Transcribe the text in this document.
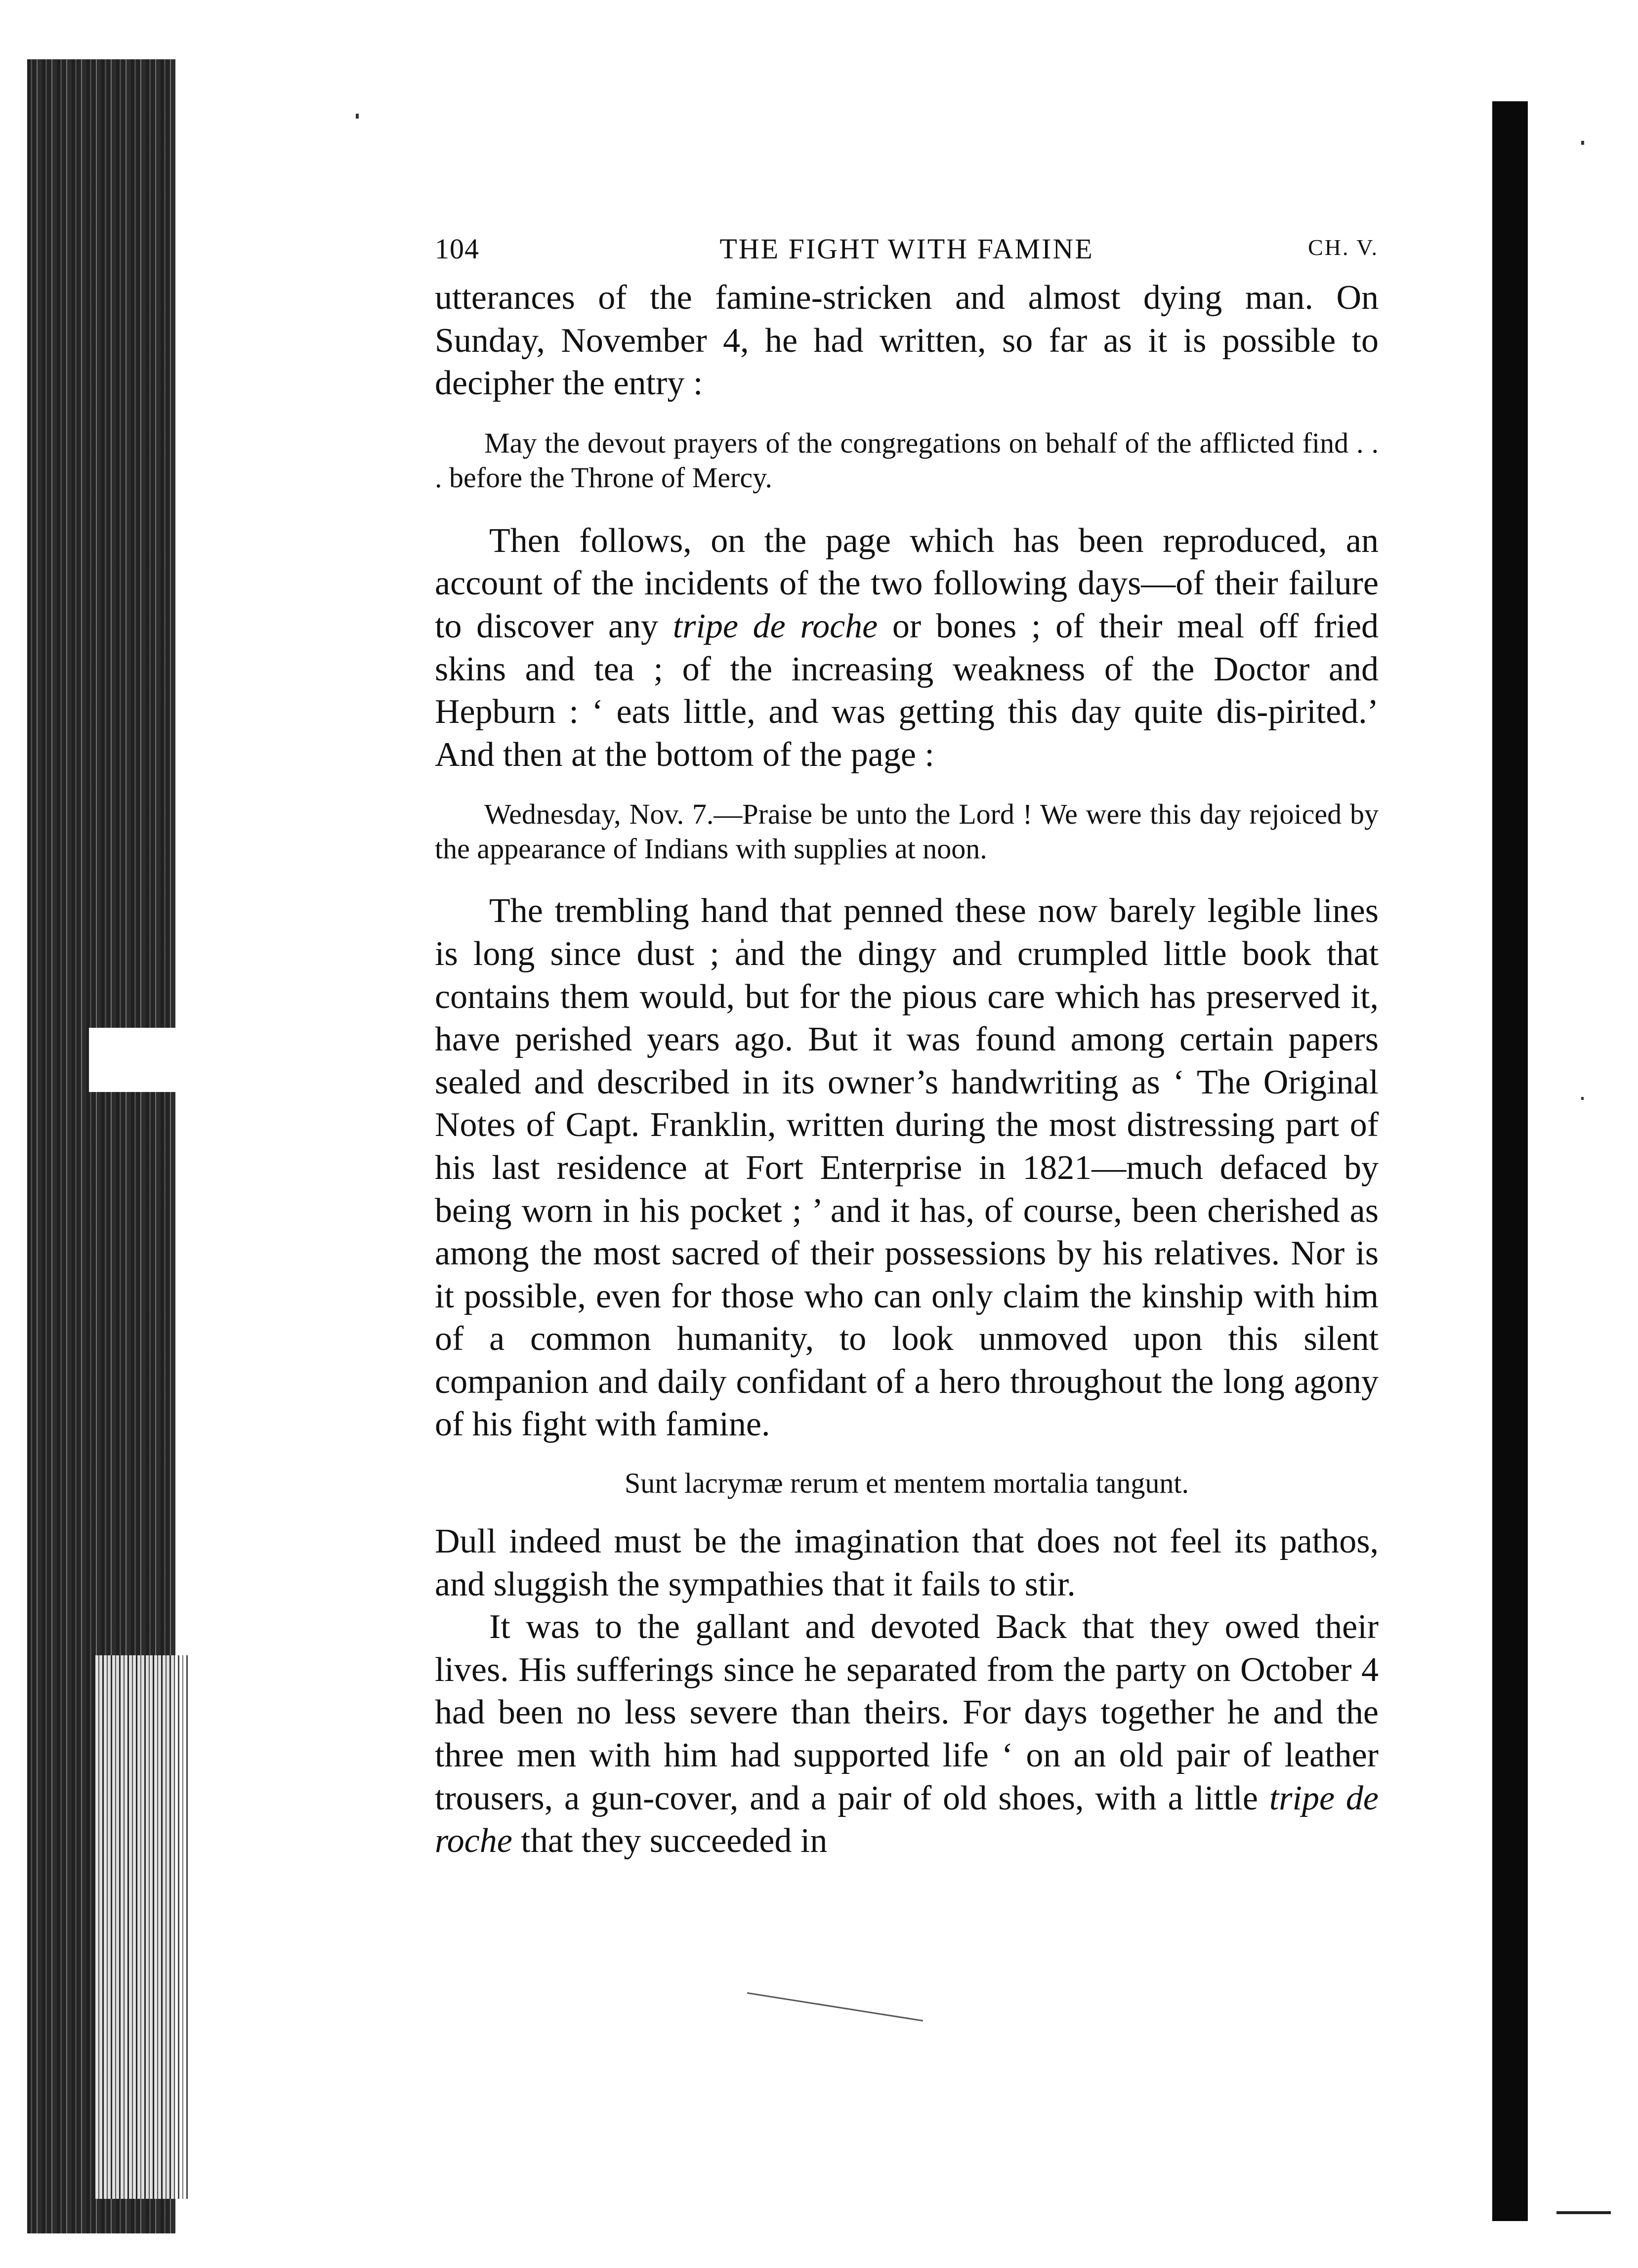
104	THE FIGHT WITH FAMINE	CH. V.

utterances of the famine-stricken and almost dying man. On Sunday, November 4, he had written, so far as it is possible to decipher the entry :

May the devout prayers of the congregations on behalf of the afflicted find . . . before the Throne of Mercy.

Then follows, on the page which has been reproduced, an account of the incidents of the two following days—of their failure to discover any tripe de roche or bones ; of their meal off fried skins and tea ; of the increasing weakness of the Doctor and Hepburn : ‘ eats little, and was getting this day quite dis-pirited.’ And then at the bottom of the page :

Wednesday, Nov. 7.—Praise be unto the Lord ! We were this day rejoiced by the appearance of Indians with supplies at noon.

The trembling hand that penned these now barely legible lines is long since dust ; and the dingy and crumpled little book that contains them would, but for the pious care which has preserved it, have perished years ago. But it was found among certain papers sealed and described in its owner’s handwriting as ‘ The Original Notes of Capt. Franklin, written during the most distressing part of his last residence at Fort Enterprise in 1821—much defaced by being worn in his pocket ; ’ and it has, of course, been cherished as among the most sacred of their possessions by his relatives. Nor is it possible, even for those who can only claim the kinship with him of a common humanity, to look unmoved upon this silent companion and daily confidant of a hero throughout the long agony of his fight with famine.

Sunt lacrymæ rerum et mentem mortalia tangunt.

Dull indeed must be the imagination that does not feel its pathos, and sluggish the sympathies that it fails to stir.

It was to the gallant and devoted Back that they owed their lives. His sufferings since he separated from the party on October 4 had been no less severe than theirs. For days together he and the three men with him had supported life ‘ on an old pair of leather trousers, a gun-cover, and a pair of old shoes, with a little tripe de roche that they succeeded in
